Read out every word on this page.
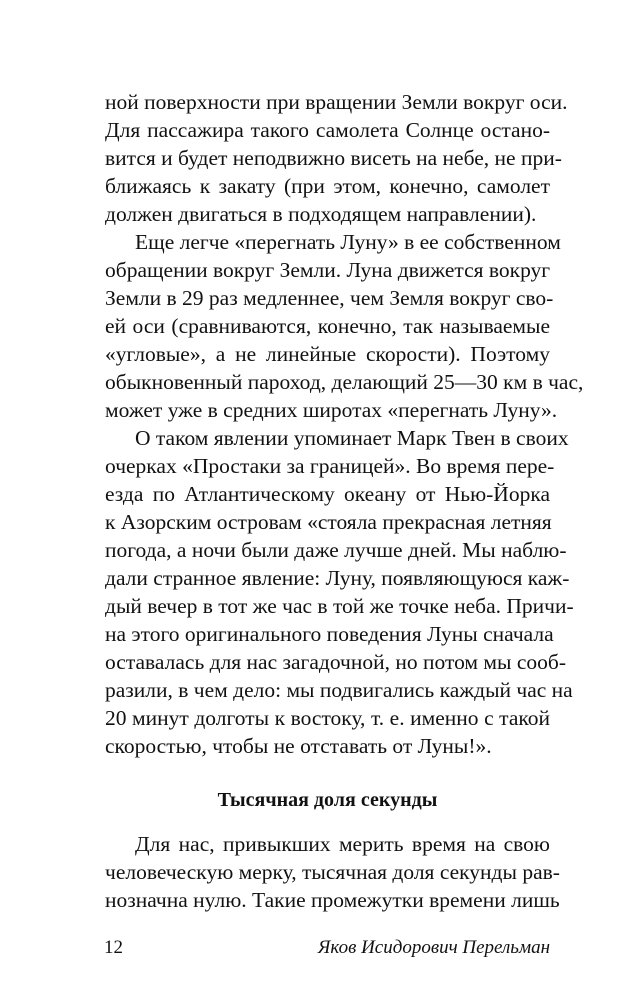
ной поверхности при вращении Земли вокруг оси.
Для пассажира такого самолета Солнце остано-
вится и будет неподвижно висеть на небе, не при-
ближаясь к закату (при этом, конечно, самолет
должен двигаться в подходящем направлении).
Еще легче «перегнать Луну» в ее собственном
обращении вокруг Земли. Луна движется вокруг
Земли в 29 раз медленнее, чем Земля вокруг сво-
ей оси (сравниваются, конечно, так называемые
«угловые», а не линейные скорости). Поэтому
обыкновенный пароход, делающий 25—30 км в час,
может уже в средних широтах «перегнать Луну».
О таком явлении упоминает Марк Твен в своих
очерках «Простаки за границей». Во время пере-
езда по Атлантическому океану от Нью-Йорка
к Азорским островам «стояла прекрасная летняя
погода, а ночи были даже лучше дней. Мы наблю-
дали странное явление: Луну, появляющуюся каж-
дый вечер в тот же час в той же точке неба. Причи-
на этого оригинального поведения Луны сначала
оставалась для нас загадочной, но потом мы сооб-
разили, в чем дело: мы подвигались каждый час на
20 минут долготы к востоку, т. е. именно с такой
скоростью, чтобы не отставать от Луны!».
Тысячная доля секунды
Для нас, привыкших мерить время на свою
человеческую мерку, тысячная доля секунды рав-
нозначна нулю. Такие промежутки времени лишь
12	Яков Исидорович Перельман
